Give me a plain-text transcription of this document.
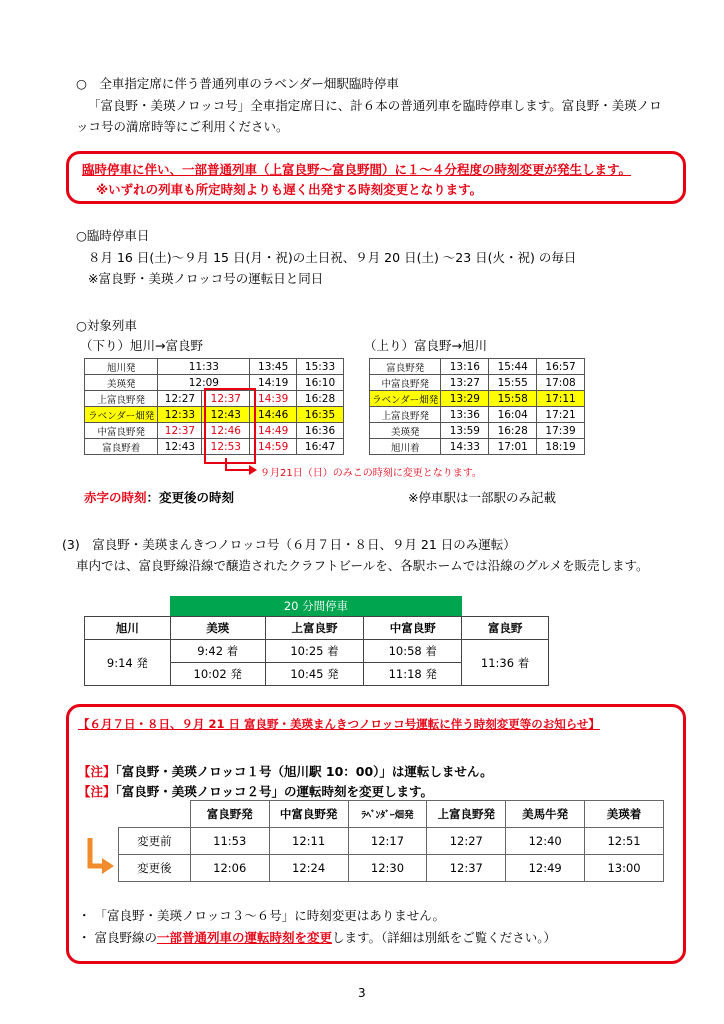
○　全車指定席に伴う普通列車のラベンダー畑駅臨時停車
「富良野・美瑛ノロッコ号」全車指定席日に、計６本の普通列車を臨時停車します。富良野・美瑛ノロ
ッコ号の満席時等にご利用ください。
臨時停車に伴い、一部普通列車（上富良野～富良野間）に１～４分程度の時刻変更が発生します。
※いずれの列車も所定時刻よりも遅く出発する時刻変更となります。
○臨時停車日
８月 16 日(土)～９月 15 日(月・祝)の土日祝、９月 20 日(土) ～23 日(火・祝) の毎日
※富良野・美瑛ノロッコ号の運転日と同日
○対象列車
（下り）旭川→富良野	（上り）富良野→旭川
旭川発	11:33		13:45	15:33
美瑛発	12:09		14:19	16:10
上富良野発	12:27	12:37	14:39	16:28
ラベンダー畑発	12:33	12:43	14:46	16:35
中富良野発	12:37	12:46	14:49	16:36
富良野着	12:43	12:53	14:59	16:47
９月21日（日）のみこの時刻に変更となります。
富良野発	13:16	15:44	16:57
中富良野発	13:27	15:55	17:08
ラベンダー畑発	13:29	15:58	17:11
上富良野発	13:36	16:04	17:21
美瑛発	13:59	16:28	17:39
旭川着	14:33	17:01	18:19
赤字の時刻：変更後の時刻	※停車駅は一部駅のみ記載
(3)　富良野・美瑛まんきつノロッコ号（６月７日・８日、９月 21 日のみ運転）
車内では、富良野線沿線で醸造されたクラフトビールを、各駅ホームでは沿線のグルメを販売します。
20 分間停車
旭川	美瑛	上富良野	中富良野	富良野
9:14 発	9:42 着	10:25 着	10:58 着	11:36 着
	10:02 発	10:45 発	11:18 発	
【６月７日・８日、９月 21 日 富良野・美瑛まんきつノロッコ号運転に伴う時刻変更等のお知らせ】
【注】「富良野・美瑛ノロッコ１号（旭川駅 10：00）」は運転しません。
【注】「富良野・美瑛ノロッコ２号」の運転時刻を変更します。
	富良野発	中富良野発	ﾗﾍﾞﾝﾀﾞｰ畑発	上富良野発	美馬牛発	美瑛着
変更前	11:53	12:11	12:17	12:27	12:40	12:51
変更後	12:06	12:24	12:30	12:37	12:49	13:00
・ 「富良野・美瑛ノロッコ３～６号」に時刻変更はありません。
・ 富良野線の一部普通列車の運転時刻を変更します。（詳細は別紙をご覧ください。）
3
